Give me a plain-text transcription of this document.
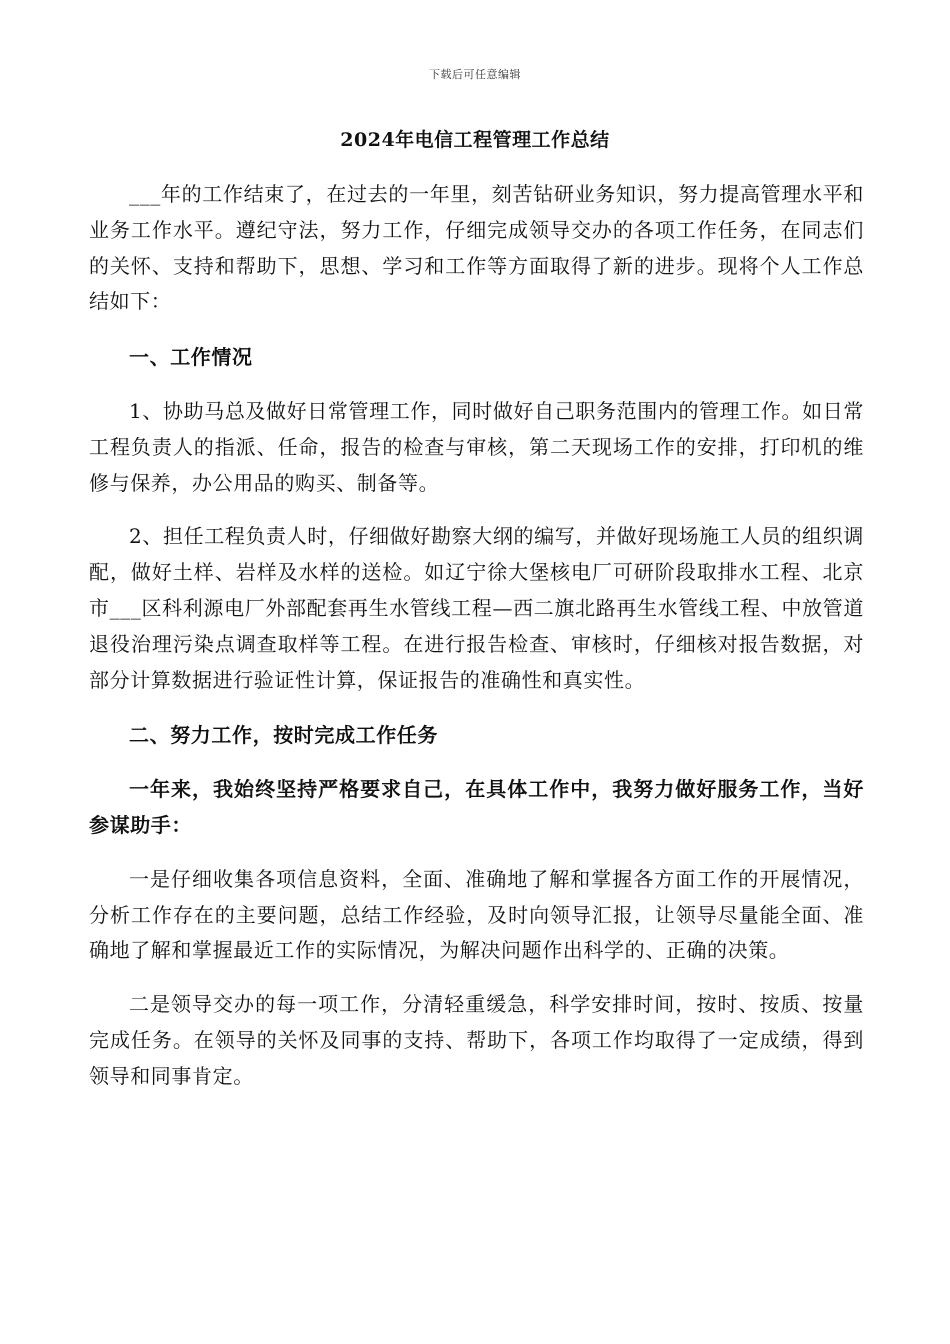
下载后可任意编辑
2024年电信工程管理工作总结

___年的工作结束了，在过去的一年里，刻苦钻研业务知识，努力提高管理水平和业务工作水平。遵纪守法，努力工作，仔细完成领导交办的各项工作任务，在同志们的关怀、支持和帮助下，思想、学习和工作等方面取得了新的进步。现将个人工作总结如下：

一、工作情况

1、协助马总及做好日常管理工作，同时做好自己职务范围内的管理工作。如日常工程负责人的指派、任命，报告的检查与审核，第二天现场工作的安排，打印机的维修与保养，办公用品的购买、制备等。

2、担任工程负责人时，仔细做好勘察大纲的编写，并做好现场施工人员的组织调配，做好土样、岩样及水样的送检。如辽宁徐大堡核电厂可研阶段取排水工程、北京市___区科利源电厂外部配套再生水管线工程—西二旗北路再生水管线工程、中放管道退役治理污染点调查取样等工程。在进行报告检查、审核时，仔细核对报告数据，对部分计算数据进行验证性计算，保证报告的准确性和真实性。

二、努力工作，按时完成工作任务

一年来，我始终坚持严格要求自己，在具体工作中，我努力做好服务工作，当好参谋助手：

一是仔细收集各项信息资料，全面、准确地了解和掌握各方面工作的开展情况，分析工作存在的主要问题，总结工作经验，及时向领导汇报，让领导尽量能全面、准确地了解和掌握最近工作的实际情况，为解决问题作出科学的、正确的决策。

二是领导交办的每一项工作，分清轻重缓急，科学安排时间，按时、按质、按量完成任务。在领导的关怀及同事的支持、帮助下，各项工作均取得了一定成绩，得到领导和同事肯定。
